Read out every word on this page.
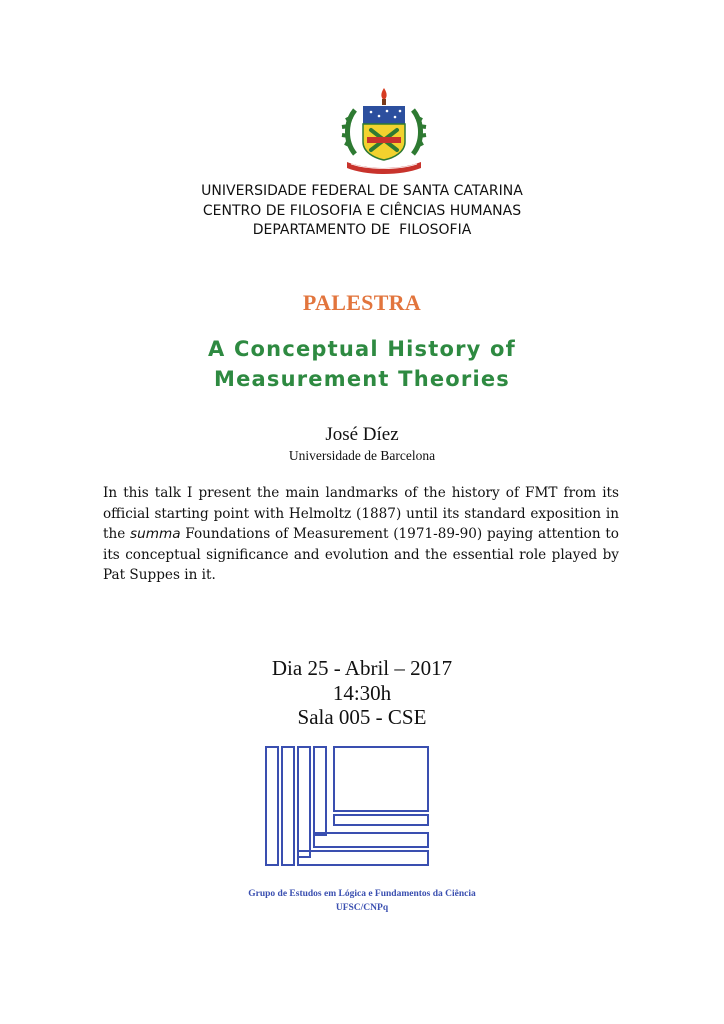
UNIVERSIDADE FEDERAL DE SANTA CATARINA
CENTRO DE FILOSOFIA E CIÊNCIAS HUMANAS
DEPARTAMENTO DE  FILOSOFIA
PALESTRA
A Conceptual History of
Measurement Theories
José Díez
Universidade de Barcelona
In this talk I present the main landmarks of the history of FMT from its official starting point with Helmoltz (1887) until its standard exposition in the summa Foundations of Measurement (1971-89-90) paying attention to its conceptual significance and evolution and the essential role played by Pat Suppes in it.
Dia 25 - Abril – 2017
14:30h
Sala 005 - CSE
Grupo de Estudos em Lógica e Fundamentos da Ciência
UFSC/CNPq
